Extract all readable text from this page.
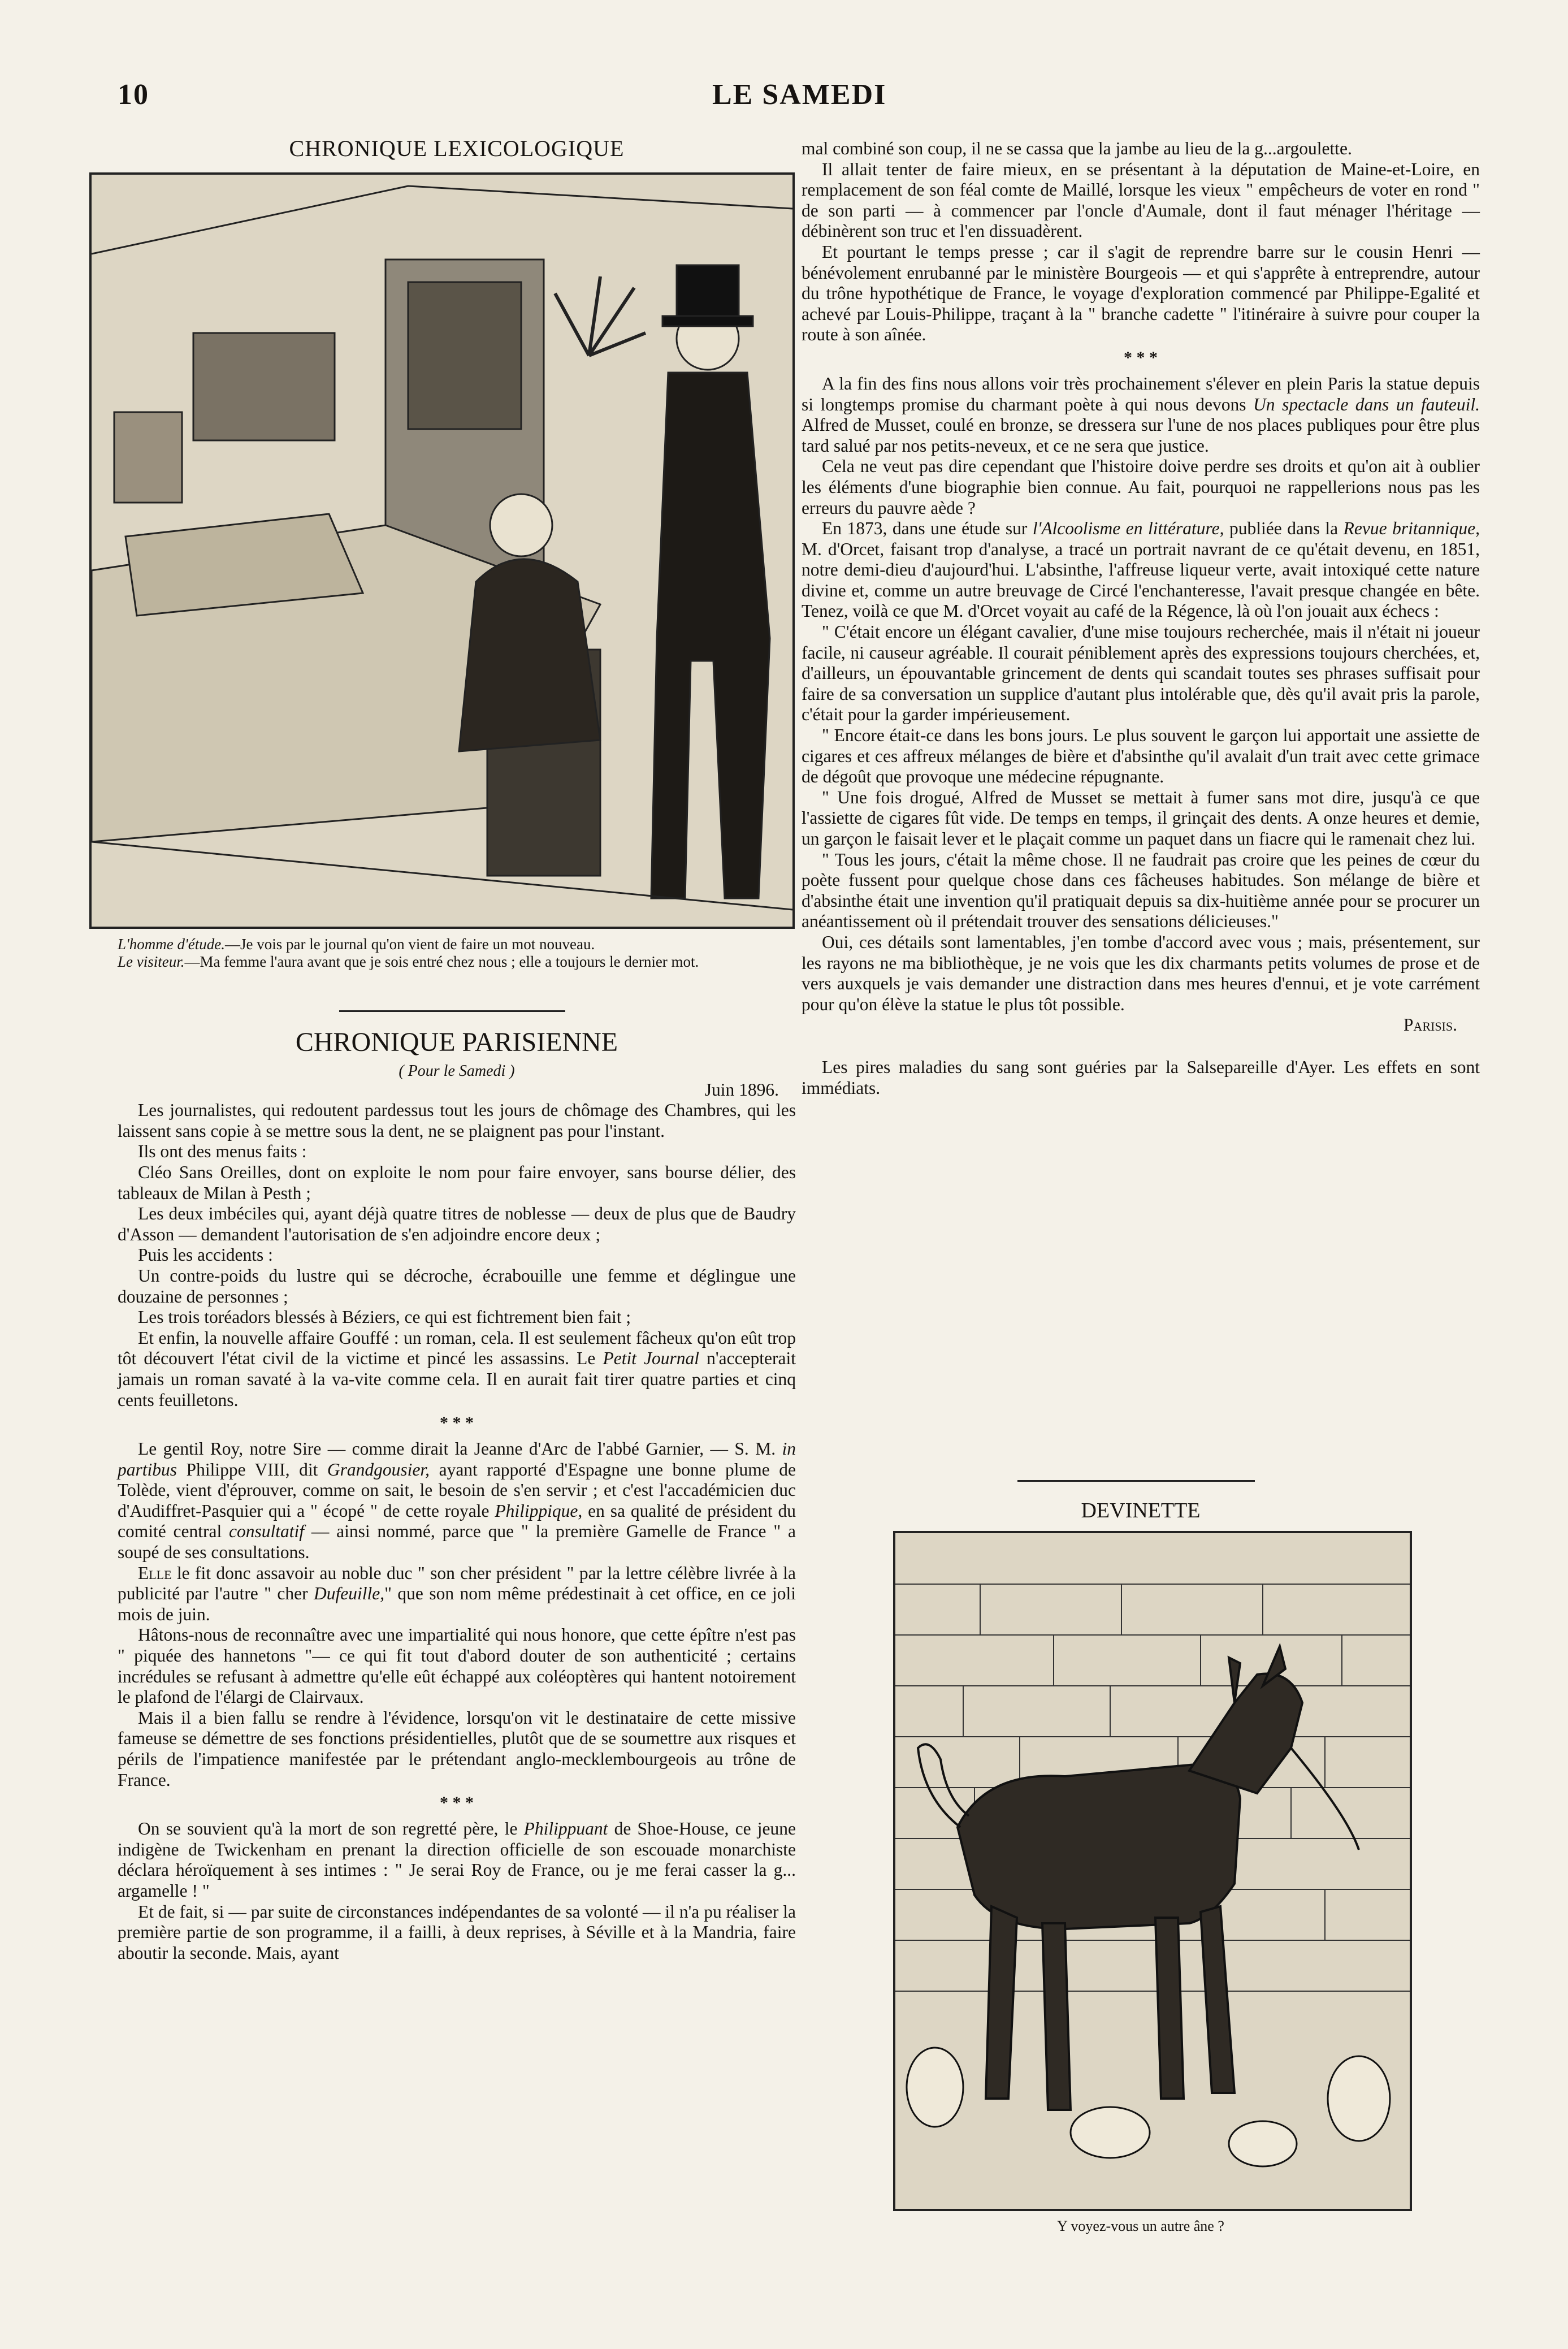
10	LE SAMEDI
CHRONIQUE LEXICOLOGIQUE

L'homme d'étude.—Je vois par le journal qu'on vient de faire un mot nouveau.

Le visiteur.—Ma femme l'aura avant que je sois entré chez nous ; elle a toujours le dernier mot.

CHRONIQUE PARISIENNE
( Pour le Samedi )
Juin 1896.

Les journalistes, qui redoutent pardessus tout les jours de chômage des Chambres, qui les laissent sans copie à se mettre sous la dent, ne se plaignent pas pour l'instant.

Ils ont des menus faits :

Cléo Sans Oreilles, dont on exploite le nom pour faire envoyer, sans bourse délier, des tableaux de Milan à Pesth ;

Les deux imbéciles qui, ayant déjà quatre titres de noblesse — deux de plus que de Baudry d'Asson — demandent l'autorisation de s'en adjoindre encore deux ;

Puis les accidents :

Un contre-poids du lustre qui se décroche, écrabouille une femme et déglingue une douzaine de personnes ;

Les trois toréadors blessés à Béziers, ce qui est fichtrement bien fait ;

Et enfin, la nouvelle affaire Gouffé : un roman, cela. Il est seulement fâcheux qu'on eût trop tôt découvert l'état civil de la victime et pincé les assassins. Le Petit Journal n'accepterait jamais un roman savaté à la va-vite comme cela. Il en aurait fait tirer quatre parties et cinq cents feuilletons.

* * *

Le gentil Roy, notre Sire — comme dirait la Jeanne d'Arc de l'abbé Garnier, — S. M. in partibus Philippe VIII, dit Grandgousier, ayant rapporté d'Espagne une bonne plume de Tolède, vient d'éprouver, comme on sait, le besoin de s'en servir ; et c'est l'accadémicien duc d'Audiffret-Pasquier qui a " écopé " de cette royale Philippique, en sa qualité de président du comité central consultatif — ainsi nommé, parce que " la première Gamelle de France " a soupé de ses consultations.

Elle le fit donc assavoir au noble duc " son cher président " par la lettre célèbre livrée à la publicité par l'autre " cher Dufeuille," que son nom même prédestinait à cet office, en ce joli mois de juin.

Hâtons-nous de reconnaître avec une impartialité qui nous honore, que cette épître n'est pas " piquée des hannetons "— ce qui fit tout d'abord douter de son authenticité ; certains incrédules se refusant à admettre qu'elle eût échappé aux coléoptères qui hantent notoirement le plafond de l'élargi de Clairvaux.

Mais il a bien fallu se rendre à l'évidence, lorsqu'on vit le destinataire de cette missive fameuse se démettre de ses fonctions présidentielles, plutôt que de se soumettre aux risques et périls de l'impatience manifestée par le prétendant anglo-mecklembourgeois au trône de France.

* * *

On se souvient qu'à la mort de son regretté père, le Philippuant de Shoe-House, ce jeune indigène de Twickenham en prenant la direction officielle de son escouade monarchiste déclara héroïquement à ses intimes : " Je serai Roy de France, ou je me ferai casser la g... argamelle ! "

Et de fait, si — par suite de circonstances indépendantes de sa volonté — il n'a pu réaliser la première partie de son programme, il a failli, à deux reprises, à Séville et à la Mandria, faire aboutir la seconde. Mais, ayant

mal combiné son coup, il ne se cassa que la jambe au lieu de la g...argoulette.

Il allait tenter de faire mieux, en se présentant à la députation de Maine-et-Loire, en remplacement de son féal comte de Maillé, lorsque les vieux " empêcheurs de voter en rond " de son parti — à commencer par l'oncle d'Aumale, dont il faut ménager l'héritage — débinèrent son truc et l'en dissuadèrent.

Et pourtant le temps presse ; car il s'agit de reprendre barre sur le cousin Henri — bénévolement enrubanné par le ministère Bourgeois — et qui s'apprête à entreprendre, autour du trône hypothétique de France, le voyage d'exploration commencé par Philippe-Egalité et achevé par Louis-Philippe, traçant à la " branche cadette " l'itinéraire à suivre pour couper la route à son aînée.

* * *

A la fin des fins nous allons voir très prochainement s'élever en plein Paris la statue depuis si longtemps promise du charmant poète à qui nous devons Un spectacle dans un fauteuil. Alfred de Musset, coulé en bronze, se dressera sur l'une de nos places publiques pour être plus tard salué par nos petits-neveux, et ce ne sera que justice.

Cela ne veut pas dire cependant que l'histoire doive perdre ses droits et qu'on ait à oublier les éléments d'une biographie bien connue. Au fait, pourquoi ne rappellerions nous pas les erreurs du pauvre aède ?

En 1873, dans une étude sur l'Alcoolisme en littérature, publiée dans la Revue britannique, M. d'Orcet, faisant trop d'analyse, a tracé un portrait navrant de ce qu'était devenu, en 1851, notre demi-dieu d'aujourd'hui. L'absinthe, l'affreuse liqueur verte, avait intoxiqué cette nature divine et, comme un autre breuvage de Circé l'enchanteresse, l'avait presque changée en bête. Tenez, voilà ce que M. d'Orcet voyait au café de la Régence, là où l'on jouait aux échecs :

" C'était encore un élégant cavalier, d'une mise toujours recherchée, mais il n'était ni joueur facile, ni causeur agréable. Il courait péniblement après des expressions toujours cherchées, et, d'ailleurs, un épouvantable grincement de dents qui scandait toutes ses phrases suffisait pour faire de sa conversation un supplice d'autant plus intolérable que, dès qu'il avait pris la parole, c'était pour la garder impérieusement.

" Encore était-ce dans les bons jours. Le plus souvent le garçon lui apportait une assiette de cigares et ces affreux mélanges de bière et d'absinthe qu'il avalait d'un trait avec cette grimace de dégoût que provoque une médecine répugnante.

" Une fois drogué, Alfred de Musset se mettait à fumer sans mot dire, jusqu'à ce que l'assiette de cigares fût vide. De temps en temps, il grinçait des dents. A onze heures et demie, un garçon le faisait lever et le plaçait comme un paquet dans un fiacre qui le ramenait chez lui.

" Tous les jours, c'était la même chose. Il ne faudrait pas croire que les peines de cœur du poète fussent pour quelque chose dans ces fâcheuses habitudes. Son mélange de bière et d'absinthe était une invention qu'il pratiquait depuis sa dix-huitième année pour se procurer un anéantissement où il prétendait trouver des sensations délicieuses."

Oui, ces détails sont lamentables, j'en tombe d'accord avec vous ; mais, présentement, sur les rayons ne ma bibliothèque, je ne vois que les dix charmants petits volumes de prose et de vers auxquels je vais demander une distraction dans mes heures d'ennui, et je vote carrément pour qu'on élève la statue le plus tôt possible.

Parisis.

Les pires maladies du sang sont guéries par la Salsepareille d'Ayer. Les effets en sont immédiats.

DEVINETTE
Y voyez-vous un autre âne ?
